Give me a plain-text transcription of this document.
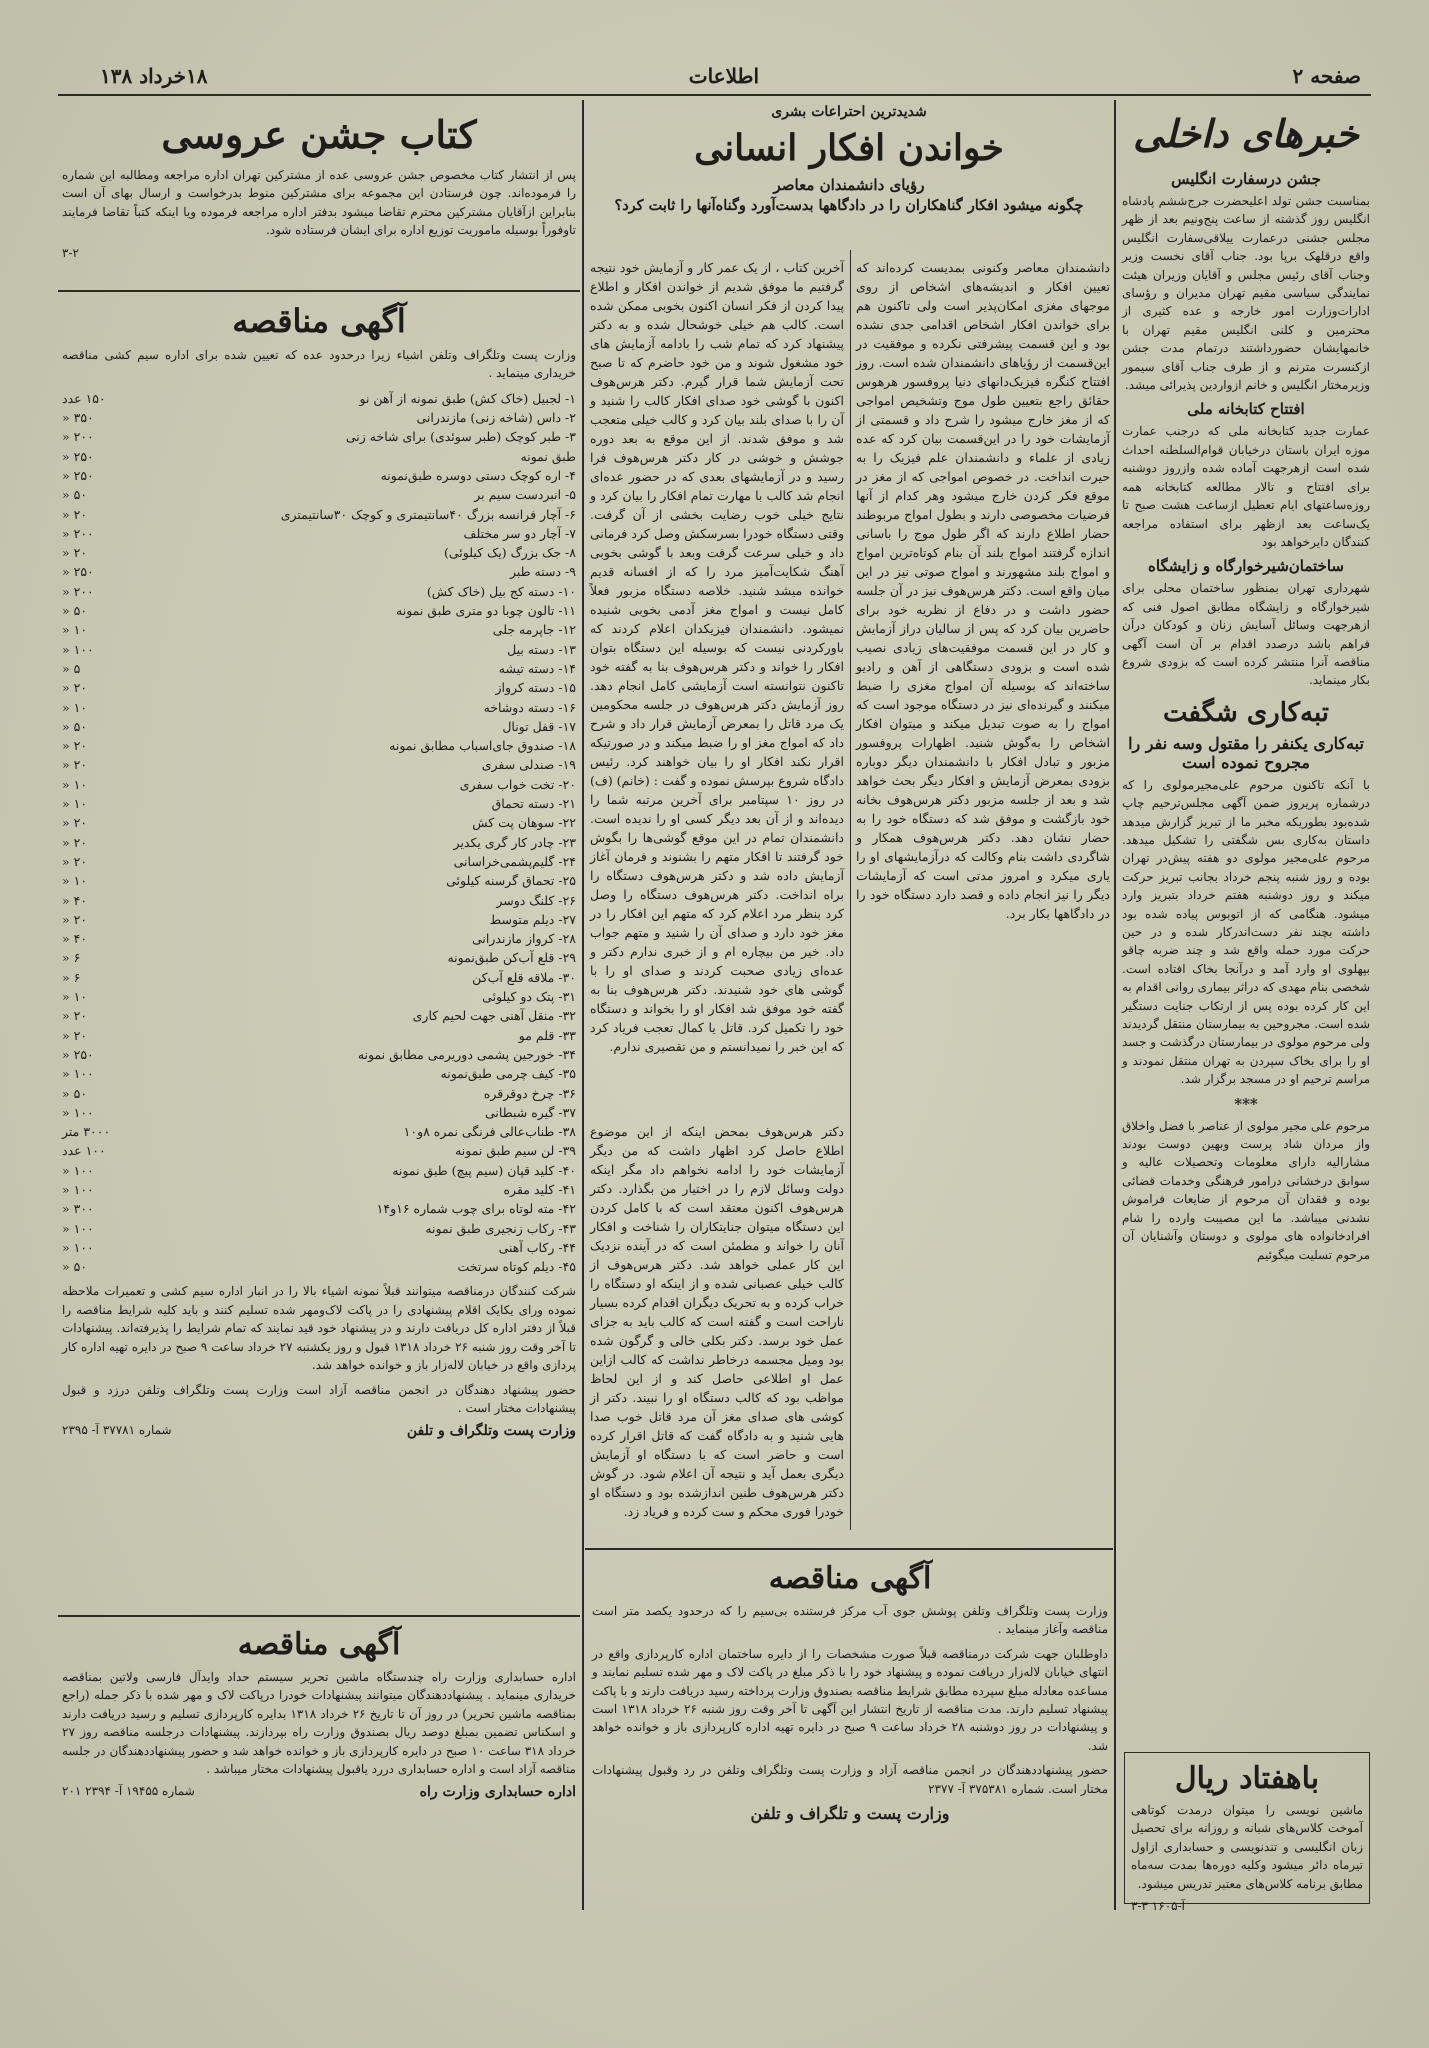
صفحه ۲
اطلاعات
۱۸خرداد ۱۳۸
خبرهای داخلی
جشن درسفارت انگلیس

بمناسبت جشن تولد اعلیحضرت جرج‌ششم پادشاه انگلیس روز گذشته از ساعت پنج‌ونیم بعد از ظهر مجلس جشنی درعمارت ییلاقی‌سفارت انگلیس واقع درقلهک برپا بود. جناب آقای نخست وزیر وجناب آقای رئیس مجلس و آقایان وزیران هیئت نمایندگی سیاسی مقیم تهران مدیران و رؤسای ادارات‌وزارت امور خارجه و عده کثیری از محترمین و کلنی انگلیس مقیم تهران با خانمهایشان حضورداشتند درتمام مدت جشن ازکنسرت مترنم و از طرف جناب آقای سیمور وزیرمختار انگلیس و خانم ازواردین پذیرائی میشد.

افتتاح کتابخانه ملی

عمارت جدید کتابخانه ملی که درجنب عمارت موزه ایران باستان درخیابان قوام‌السلطنه احداث شده است ازهرجهت آماده شده وازروز دوشنبه برای افتتاح و تالار مطالعه کتابخانه همه روزه‌ساعتهای ایام تعطیل ازساعت هشت صبح تا یک‌ساعت بعد ازظهر برای استفاده مراجعه کنندگان دایرخواهد بود

ساختمان‌شیرخوارگاه و زایشگاه

شهرداری تهران بمنظور ساختمان محلی برای شیرخوارگاه و زایشگاه مطابق اصول فنی که ازهرجهت وسائل آسایش زنان و کودکان درآن فراهم باشد درصدد اقدام بر آن است آگهی مناقصه آنرا منتشر کرده است که بزودی شروع بکار مینماید.

تبه‌کاری شگفت
تبه‌کاری یکنفر را مقتول وسه نفر را مجروح نموده است

با آنکه تاکنون مرحوم علی‌مجیرمولوی را که درشماره پریروز ضمن آگهی مجلس‌ترحیم چاپ شده‌بود بطوریکه مخبر ما از تبریز گزارش میدهد داستان به‌کاری بس شگفتی را تشکیل میدهد. مرحوم علی‌مجیر مولوی دو هفته پیش‌در تهران بوده و روز شنبه پنجم خرداد بجانب تبریز حرکت میکند و روز دوشنبه هفتم خرداد بتبریز وارد میشود. هنگامی که از اتوبوس پیاده شده بود داشته بچند نفر دست‌اندرکار شده و در حین حرکت مورد حمله واقع شد و چند ضربه چاقو بپهلوی او وارد آمد و درآنجا بخاک افتاده است. شخصی بنام مهدی که دراثر بیماری روانی اقدام به این کار کرده بوده پس از ارتکاب جنایت دستگیر شده است. مجروحین به بیمارستان منتقل گردیدند ولی مرحوم مولوی در بیمارستان درگذشت و جسد او را برای بخاک سپردن به تهران منتقل نمودند و مراسم ترحیم او در مسجد برگزار شد.

***

مرحوم علی مجیر مولوی از عناصر با فضل واخلاق واز مردان شاد پرست وبهین دوست بودند مشارالیه دارای معلومات وتحصیلات عالیه و سوابق درخشانی درامور فرهنگی وخدمات قضائی بوده و فقدان آن مرحوم از ضایعات فراموش نشدنی میباشد. ما این مصیبت وارده را شام افرادخانواده های مولوی و دوستان وآشنایان آن مرحوم تسلیت میگوئیم

باهفتاد ریال

ماشین نویسی را میتوان درمدت کوتاهی آموخت کلاس‌های شبانه و روزانه برای تحصیل زبان انگلیسی و تندنویسی و حسابداری ازاول تیرماه دائر میشود وکلیه دوره‌ها بمدت سه‌ماه مطابق برنامه کلاس‌های معتبر تدریس میشود.

آ-۱۶۰۵ ۳-۳
شدیدترین احتراعات بشری
خواندن افکار انسانی
رؤیای دانشمندان معاصر
چگونه میشود افکار گناهکاران را در دادگاهها بدست‌آورد وگناه‌آنها را ثابت کرد؟

دانشمندان معاصر وکنونی بمدیست کرده‌اند که تعیین افکار و اندیشه‌های اشخاص از روی موجهای مغزی امکان‌پذیر است ولی تاکنون هم برای خواندن افکار اشخاص اقدامی جدی نشده بود و این قسمت پیشرفتی نکرده و موفقیت در این‌قسمت از رؤیاهای دانشمندان شده است. روز افتتاح کنگره فیزیک‌دانهای دنیا پروفسور هرهوس حقائق راجع بتعیین طول موج وتشخیص امواجی که از مغز خارج میشود را شرح داد و قسمتی از آزمایشات خود را در این‌قسمت بیان کرد که عده زیادی از علماء و دانشمندان علم فیزیک را به حیرت انداخت. در خصوص امواجی که از مغز در موقع فکر کردن خارج میشود وهر کدام از آنها فرضیات مخصوصی دارند و بطول امواج مربوطند حضار اطلاع دارند که اگر طول موج را باسانی اندازه گرفتند امواج بلند آن بنام کوتاه‌ترین امواج و امواج بلند مشهورند و امواج صوتی نیز در این میان واقع است. دکتر هرس‌هوف نیز در آن جلسه حضور داشت و در دفاع از نظریه خود برای حاضرین بیان کرد که پس از سالیان دراز آزمایش و کار در این قسمت موفقیت‌های زیادی نصیب شده است و بزودی دستگاهی از آهن و رادیو ساخته‌اند که بوسیله آن امواج مغزی را ضبط میکنند و گیرنده‌ای نیز در دستگاه موجود است که امواج را به صوت تبدیل میکند و میتوان افکار اشخاص را به‌گوش شنید. اظهارات پروفسور مزبور و تبادل افکار با دانشمندان دیگر دوباره بزودی بمعرض آزمایش و افکار دیگر بحث خواهد شد و بعد از جلسه مزبور دکتر هرس‌هوف بخانه خود بازگشت و موفق شد که دستگاه خود را به حضار نشان دهد. دکتر هرس‌هوف همکار و شاگردی داشت بنام وکالت که درآزمایشهای او را یاری میکرد و امروز مدتی است که آزمایشات دیگر را نیز انجام داده و قصد دارد دستگاه خود را در دادگاهها بکار برد.

آخرین کتاب ، از یک عمر کار و آزمایش خود نتیجه گرفتیم ما موفق شدیم از خواندن افکار و اطلاع پیدا کردن از فکر انسان اکنون بخوبی ممکن شده است. کالب هم خیلی خوشحال شده و به دکتر پیشنهاد کرد که تمام شب را بادامه آزمایش های خود مشغول شوند و من خود حاضرم که تا صبح تحت آزمایش شما قرار گیرم. دکتر هرس‌هوف اکنون با گوشی خود صدای افکار کالب را شنید و آن را با صدای بلند بیان کرد و کالب خیلی متعجب شد و موفق شدند. از این موقع به بعد دوره جوشش و خوشی در کار دکتر هرس‌هوف فرا رسید و در آزمایشهای بعدی که در حضور عده‌ای انجام شد کالب با مهارت تمام افکار را بیان کرد و نتایج خیلی خوب رضایت بخشی از آن گرفت. وقتی دستگاه خودرا بسرسکش وصل کرد فرمانی داد و خیلی سرعت گرفت وبعد با گوشی بخوبی آهنگ شکایت‌آمیز مرد را که از افسانه قدیم خوانده میشد شنید. خلاصه دستگاه مزبور فعلاً کامل نیست و امواج مغز آدمی بخوبی شنیده نمیشود. دانشمندان فیزیکدان اعلام کردند که باورکردنی نیست که بوسیله این دستگاه بتوان افکار را خواند و دکتر هرس‌هوف بنا به گفته خود تاکنون نتوانسته است آزمایشی کامل انجام دهد. روز آزمایش دکتر هرس‌هوف در جلسه محکومین یک مرد قاتل را بمعرض آزمایش قرار داد و شرح داد که امواج مغز او را ضبط میکند و در صورتیکه اقرار نکند افکار او را بیان خواهند کرد. رئیس دادگاه شروع بپرسش نموده و گفت : (خانم) (ف) در روز ۱۰ سپتامبر برای آخرین مرتبه شما را دیده‌اند و از آن بعد دیگر کسی او را ندیده است. دانشمندان تمام در این موقع گوشی‌ها را بگوش خود گرفتند تا افکار متهم را بشنوند و فرمان آغاز آزمایش داده شد و دکتر هرس‌هوف دستگاه را براه انداخت. دکتر هرس‌هوف دستگاه را وصل کرد بنظر مرد اعلام کرد که متهم این افکار را در مغز خود دارد و صدای آن را شنید و متهم جواب داد. خیر من بیچاره ام و از خبری ندارم دکتر و عده‌ای زیادی صحبت کردند و صدای او را با گوشی های خود شنیدند. دکتر هرس‌هوف بنا به گفته خود موفق شد افکار او را بخواند و دستگاه خود را تکمیل کرد. قاتل یا کمال تعجب فریاد کرد که این خبر را نمیدانستم و من تقصیری ندارم.

دکتر هرس‌هوف بمحض اینکه از این موضوع اطلاع حاصل کرد اظهار داشت که من دیگر آزمایشات خود را ادامه نخواهم داد مگر اینکه دولت وسائل لازم را در اختیار من بگذارد. دکتر هرس‌هوف اکنون معتقد است که با کامل کردن این دستگاه میتوان جنایتکاران را شناخت و افکار آنان را خواند و مطمئن است که در آینده نزدیک این کار عملی خواهد شد. دکتر هرس‌هوف از کالب خیلی عصبانی شده و از اینکه او دستگاه را خراب کرده و به تحریک دیگران اقدام کرده بسیار ناراحت است و گفته است که کالب باید به جزای عمل خود برسد. دکتر بکلی خالی و گرگون شده بود ومیل مجسمه درخاطر نداشت که کالب ازاین عمل او اطلاعی حاصل کند و از این لحاظ مواظب بود که کالب دستگاه او را نبیند. دکتر از کوشی های صدای مغز آن مرد قاتل خوب صدا هایی شنید و به دادگاه گفت که قاتل اقرار کرده است و حاضر است که با دستگاه او آزمایش دیگری بعمل آید و نتیجه آن اعلام شود. در گوش دکتر هرس‌هوف طنین اندازشده بود و دستگاه او خودرا فوری محکم و ست کرده و فریاد زد.

آگهی مناقصه

وزارت پست وتلگراف وتلفن پوشش جوی آب مرکز فرستنده بی‌سیم را که درحدود یکصد متر است مناقصه وآغاز مینماید .

داوطلبان جهت شرکت درمناقصه قبلاً صورت مشخصات را از دایره ساختمان اداره کارپردازی واقع در انتهای خیابان لاله‌زار دریافت نموده و پیشنهاد خود را با ذکر مبلغ در پاکت لاک و مهر شده تسلیم نمایند و مساعده معادله مبلغ سپرده مطابق شرایط مناقصه بصندوق وزارت پرداخته رسید دریافت دارند و با پاکت پیشنهاد تسلیم دارند. مدت مناقصه از تاریخ انتشار این آگهی تا آخر وقت روز شنبه ۲۶ خرداد ۱۳۱۸ است و پیشنهادات در روز دوشنبه ۲۸ خرداد ساعت ۹ صبح در دایره تهیه اداره کارپردازی باز و خوانده خواهد شد.

حضور پیشنهاددهندگان در انجمن مناقصه آزاد و وزارت پست وتلگراف وتلفن در رد وقبول پیشنهادات مختار است. شماره ۳۷۵۳۸۱ آ- ۲۳۷۷

وزارت پست و تلگراف و تلفن
کتاب جشن عروسی

پس از انتشار کتاب مخصوص جشن عروسی عده از مشترکین تهران اداره مراجعه ومطالبه این شماره را فرموده‌اند. چون فرستادن این مجموعه برای مشترکین منوط بدرخواست و ارسال بهای آن است بنابراین ازآقایان مشترکین محترم تقاضا میشود بدفتر اداره مراجعه فرموده ویا اینکه کتباً تقاضا فرمایند تاوفوراً بوسیله ماموریت توزیع اداره برای ایشان فرستاده شود.

۳-۲
آگهی مناقصه

وزارت پست وتلگراف وتلفن اشیاء زیرا درحدود عده که تعیین شده برای اداره سیم کشی مناقصه خریداری مینماید .

۱- لجبیل (خاک کش) طبق نمونه از آهن‌ نو
۱۵۰ عدد
۲- داس (شاخه زنی) مازندرانی
۳۵۰ «
۳- طبر کوچک (طبر سوئدی) برای شاخه زنی
۲۰۰ «
طبق نمونه
۲۵۰ «
۴- اره کوچک دستی دوسره طبق‌نمونه
۲۵۰ «
۵- انبردست سیم بر
۵۰ «
۶- آچار فرانسه بزرگ ۴۰سانتیمتری و کوچک ۳۰سانتیمتری
۲۰ «
۷- آچار دو سر مختلف
۲۰۰ «
۸- جک بزرگ (یک کیلوئی)
۲۰ «
۹- دسته طبر
۲۵۰ «
۱۰- دسته کج بیل (خاک کش)
۲۰۰ «
۱۱- تالون چوبا دو متری طبق نمونه
۵۰ «
۱۲- جاپرمه جلی
۱۰ «
۱۳- دسته بیل
۱۰۰ «
۱۴- دسته تیشه
۵ «
۱۵- دسته کرواز
۲۰ «
۱۶- دسته دوشاخه
۱۰ «
۱۷- قفل تونال
۵۰ «
۱۸- صندوق جای‌اسباب مطابق نمونه
۲۰ «
۱۹- صندلی سفری
۲۰ «
۲۰- تخت خواب سفری
۱۰ «
۲۱- دسته تحماق
۱۰ «
۲۲- سوهان پت کش
۲۰ «
۲۳- چادر کار گری یکدیر
۲۰ «
۲۴- گلیم‌پشمی‌خراسانی
۲۰ «
۲۵- تحماق گرسنه کیلوئی
۱۰ «
۲۶- کلنگ دوسر
۴۰ «
۲۷- دیلم متوسط
۲۰ «
۲۸- کرواز مازندرانی
۴۰ «
۲۹- قلع آب‌کن طبق‌نمونه
۶ «
۳۰- ملاقه قلع آب‌کن
۶ «
۳۱- پتک دو کیلوئی
۱۰ «
۳۲- منقل آهنی جهت لحیم کاری
۲۰ «
۳۳- قلم مو
۲۰ «
۳۴- خورجین پشمی دوریرمی مطابق نمونه
۲۵۰ «
۳۵- کیف چرمی طبق‌نمونه
۱۰۰ «
۳۶- چرخ دوقرقره
۵۰ «
۳۷- گیره شبطانی
۱۰۰ «
۳۸- طناب‌عالی فرنگی نمره ۸و۱۰
۳۰۰۰ متر
۳۹- لن سیم طبق نمونه
۱۰۰ عدد
۴۰- کلید قپان (سیم پیچ) طبق نمونه
۱۰۰ «
۴۱- کلید مقره
۱۰۰ «
۴۲- مته لوتاه برای چوب شماره ۱۶و۱۴
۳۰۰ «
۴۳- رکاب زنجیری طبق نمونه
۱۰۰ «
۴۴- رکاب آهنی
۱۰۰ «
۴۵- دیلم کوتاه سرتخت
۵۰ «

شرکت کنندگان درمناقصه میتوانند قبلاً نمونه اشیاء بالا را در انبار اداره سیم کشی و تعمیرات ملاحظه نموده ورای یکایک اقلام پیشنهادی را در پاکت لاک‌ومهر شده تسلیم کنند و باید کلیه شرایط مناقصه را قبلاً از دفتر اداره کل دریافت دارند و در پیشنهاد خود قید نمایند که تمام شرایط را پذیرفته‌اند. پیشنهادات تا آخر وقت روز شنبه ۲۶ خرداد ۱۳۱۸ قبول و روز یکشنبه ۲۷ خرداد ساعت ۹ صبح در دایره تهیه اداره کار پردازی واقع در خیابان لاله‌زار باز و خوانده خواهد شد.

حضور پیشنهاد دهندگان در انجمن مناقصه آزاد است وزارت پست وتلگراف وتلفن درزد و قبول پیشنهادات مختار است .

وزارت پست وتلگراف و تلفن
شماره ۳۷۷۸۱ آ- ۲۳۹۵
آگهی مناقصه

اداره حسابداری وزارت راه چندستگاه ماشین تحریر سیستم حداد وایدآل فارسی ولاتین بمناقصه خریداری مینماید . پیشنهاددهندگان میتوانند پیشنهادات خودرا درپاکت لاک و مهر شده با ذکر جمله (راجع بمناقصه ماشین تحریر) در روز آن تا تاریخ ۲۶ خرداد ۱۳۱۸ بدایره کارپردازی تسلیم و رسید دریافت دارند و اسکناس تضمین بمبلغ دوصد ریال بصندوق وزارت راه بپردازند. پیشنهادات درجلسه مناقصه روز ۲۷ خرداد ۳۱۸ ساعت ۱۰ صبح در دایره کارپردازی باز و خوانده خواهد شد و حضور پیشنهاددهندگان در جلسه مناقصه آزاد است و اداره حسابداری دررد یاقبول پیشنهادات مختار میباشد .

اداره حسابداری وزارت راه
شماره ۱۹۴۵۵ آ- ۲۳۹۴ ۲۰۱
